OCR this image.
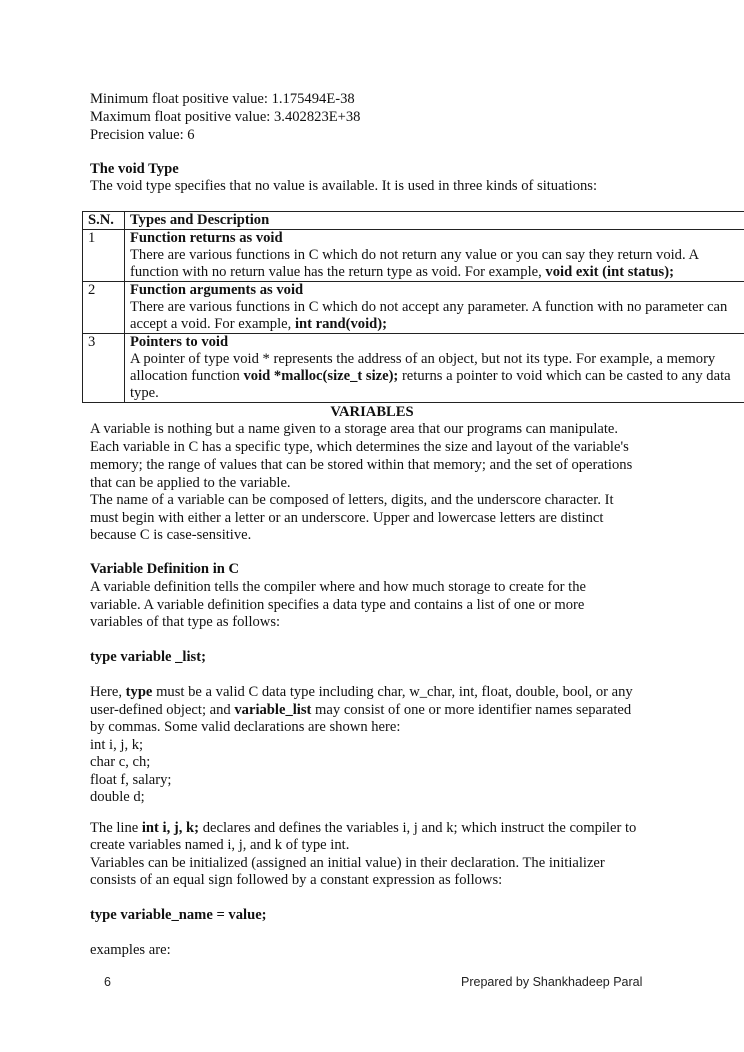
Minimum float positive value: 1.175494E-38
Maximum float positive value: 3.402823E+38
Precision value: 6
The void Type
The void type specifies that no value is available. It is used in three kinds of situations:
S.N.	Types and Description
1	Function returns as void
There are various functions in C which do not return any value or you can say they return void. A
function with no return value has the return type as void. For example, void exit (int status);

2	Function arguments as void
There are various functions in C which do not accept any parameter. A function with no parameter can
accept a void. For example, int rand(void);

3	Pointers to void
A pointer of type void * represents the address of an object, but not its type. For example, a memory
allocation function void *malloc(size_t size); returns a pointer to void which can be casted to any data
type.
VARIABLES
A variable is nothing but a name given to a storage area that our programs can manipulate.
Each variable in C has a specific type, which determines the size and layout of the variable's
memory; the range of values that can be stored within that memory; and the set of operations
that can be applied to the variable.
The name of a variable can be composed of letters, digits, and the underscore character. It
must begin with either a letter or an underscore. Upper and lowercase letters are distinct
because C is case-sensitive.
Variable Definition in C
A variable definition tells the compiler where and how much storage to create for the
variable. A variable definition specifies a data type and contains a list of one or more
variables of that type as follows:
type variable _list;
Here, type must be a valid C data type including char, w_char, int, float, double, bool, or any
user-defined object; and variable_list may consist of one or more identifier names separated
by commas. Some valid declarations are shown here:
int i, j, k;
char c, ch;
float f, salary;
double d;
The line int i, j, k; declares and defines the variables i, j and k; which instruct the compiler to
create variables named i, j, and k of type int.
Variables can be initialized (assigned an initial value) in their declaration. The initializer
consists of an equal sign followed by a constant expression as follows:
type variable_name = value;
examples are:
6	Prepared by Shankhadeep Paral
